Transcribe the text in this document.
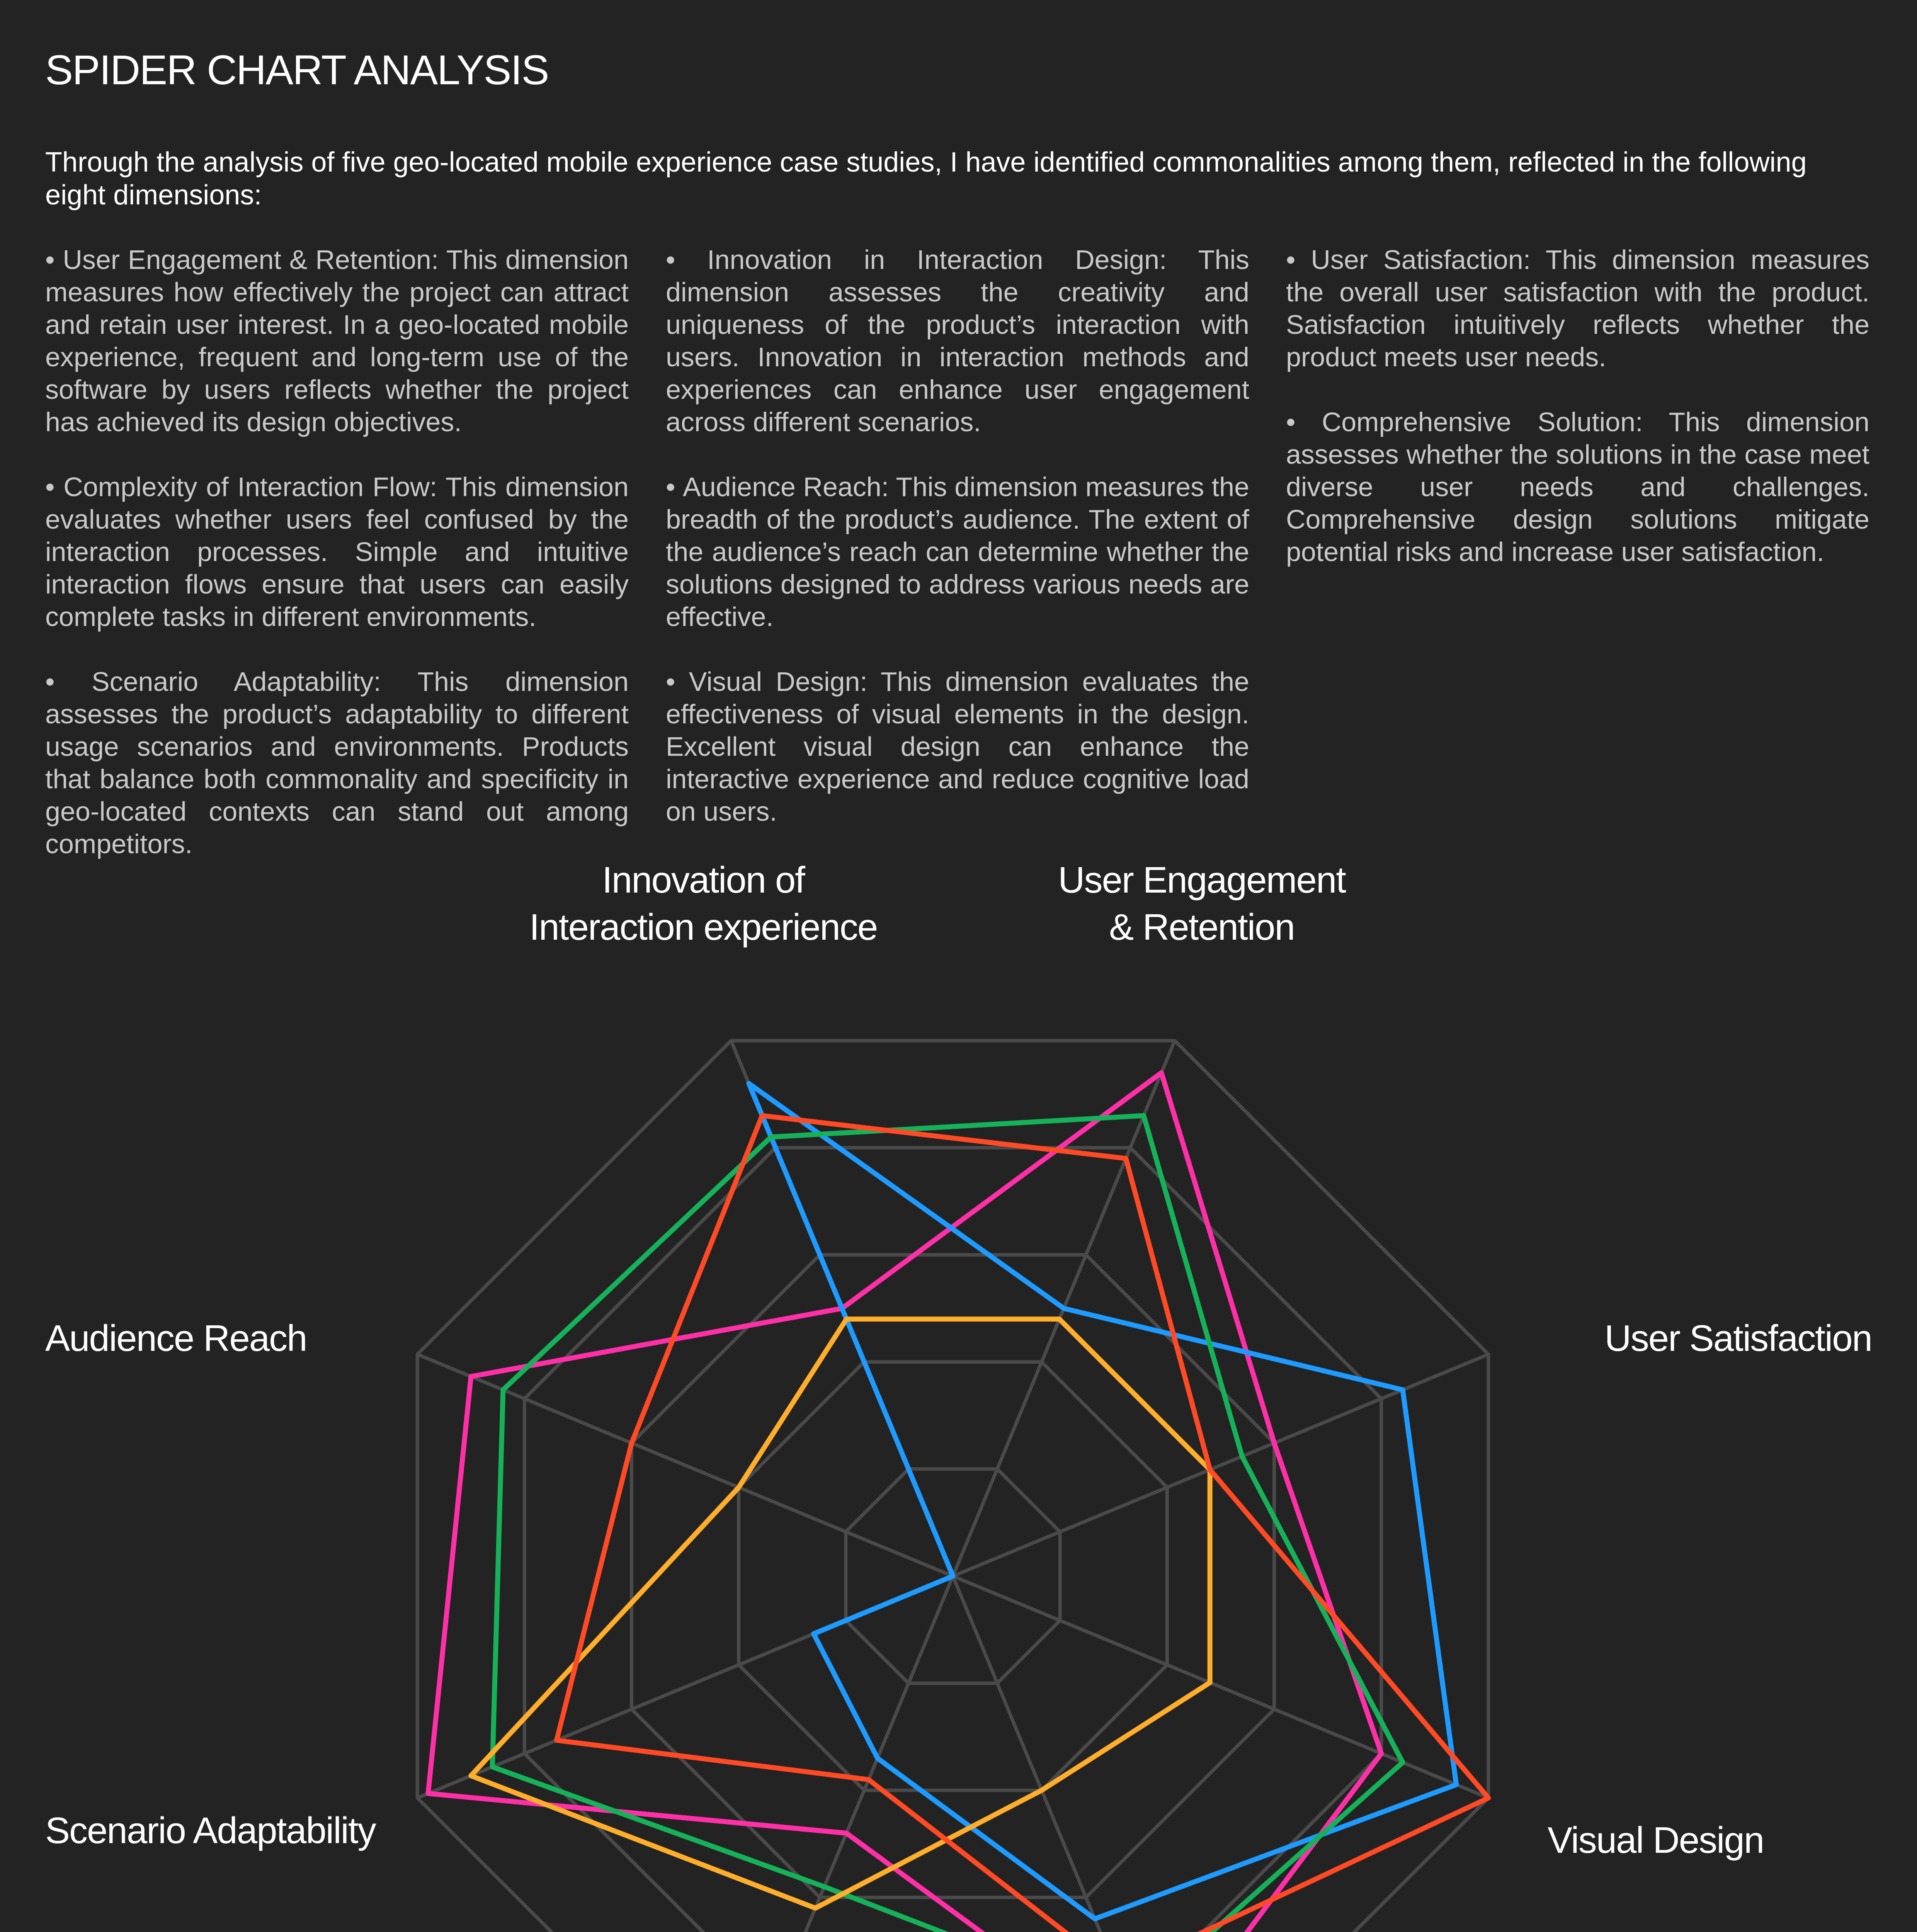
SPIDER CHART ANALYSIS
Through the analysis of five geo-located mobile experience case studies, I have identified commonalities among them, reflected in the following eight dimensions:

• User Engagement & Retention: This dimension measures how effectively the project can attract and retain user interest. In a geo-located mobile experience, frequent and long-term use of the software by users reflects whether the project has achieved its design objectives.

• Complexity of Interaction Flow: This dimension evaluates whether users feel confused by the interaction processes. Simple and intuitive interaction flows ensure that users can easily complete tasks in different environments.

• Scenario Adaptability: This dimension assesses the product’s adaptability to different usage scenarios and environments. Products that balance both commonality and specificity in geo-located contexts can stand out among competitors.

• Innovation in Interaction Design: This dimension assesses the creativity and uniqueness of the product’s interaction with users. Innovation in interaction methods and experiences can enhance user engagement across different scenarios.

• Audience Reach: This dimension measures the breadth of the product’s audience. The extent of the audience’s reach can determine whether the solutions designed to address various needs are effective.

• Visual Design: This dimension evaluates the effectiveness of visual elements in the design. Excellent visual design can enhance the interactive experience and reduce cognitive load on users.

• User Satisfaction: This dimension measures the overall user satisfaction with the product. Satisfaction intuitively reflects whether the product meets user needs.

• Comprehensive Solution: This dimension assesses whether the solutions in the case meet diverse user needs and challenges. Comprehensive design solutions mitigate potential risks and increase user satisfaction.

User Engagement & Retention
User Satisfaction
Visual Design
Scenario Adaptability
Audience Reach
Innovation of Interaction experience
